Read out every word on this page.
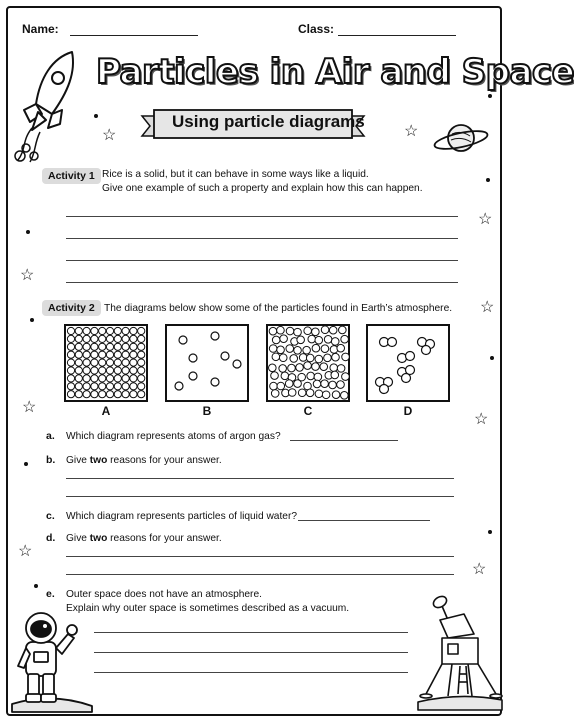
Name:	Class:
Particles in Air and Space
Using particle diagrams
☆	☆
☆
☆
☆
☆
☆
☆
☆
Activity 1 Rice is a solid, but it can behave in some ways like a liquid.
Give one example of such a property and explain how this can happen.
Activity 2 The diagrams below show some of the particles found in Earth’s atmosphere.
A	B	C	D
a. Which diagram represents atoms of argon gas?
b. Give two reasons for your answer.
c. Which diagram represents particles of liquid water?
d. Give two reasons for your answer.
e. Outer space does not have an atmosphere.
Explain why outer space is sometimes described as a vacuum.
